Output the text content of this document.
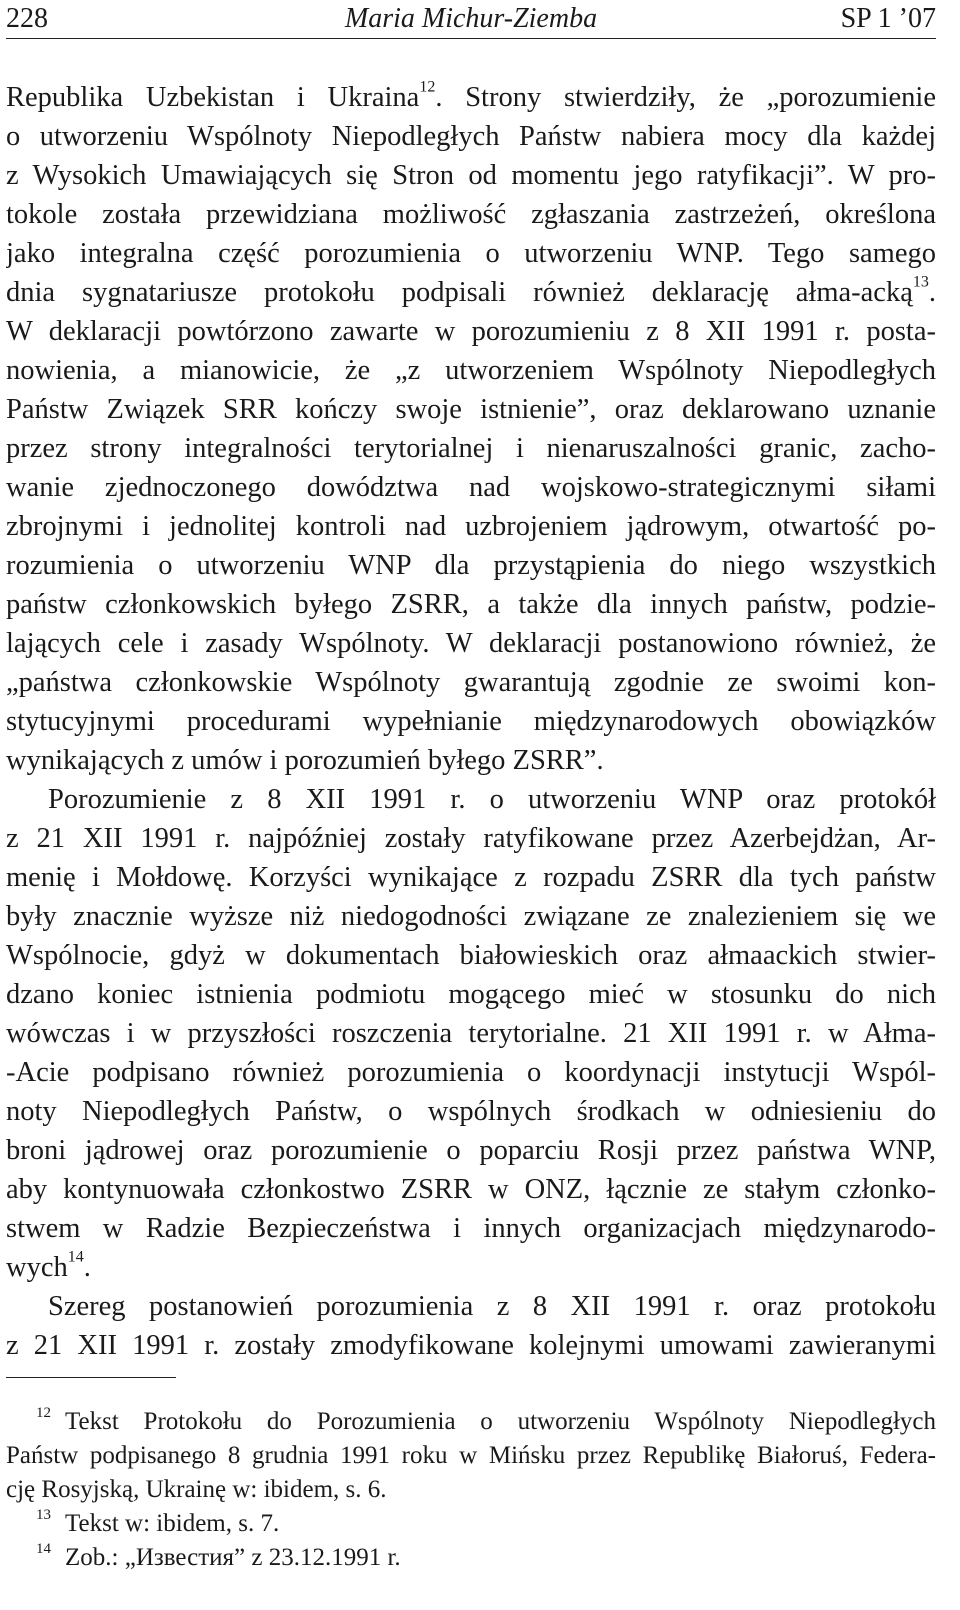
228	Maria Michur-Ziemba	SP 1 ’07
Republika Uzbekistan i Ukraina$^{12}$. Strony stwierdziły, że „porozumienie
o utworzeniu Wspólnoty Niepodległych Państw nabiera mocy dla każdej
z Wysokich Umawiających się Stron od momentu jego ratyfikacji”. W pro-
tokole została przewidziana możliwość zgłaszania zastrzeżeń, określona
jako integralna część porozumienia o utworzeniu WNP. Tego samego
dnia sygnatariusze protokołu podpisali również deklarację ałma-acką$^{13}$.
W deklaracji powtórzono zawarte w porozumieniu z 8 XII 1991 r. posta-
nowienia, a mianowicie, że „z utworzeniem Wspólnoty Niepodległych
Państw Związek SRR kończy swoje istnienie”, oraz deklarowano uznanie
przez strony integralności terytorialnej i nienaruszalności granic, zacho-
wanie zjednoczonego dowództwa nad wojskowo-strategicznymi siłami
zbrojnymi i jednolitej kontroli nad uzbrojeniem jądrowym, otwartość po-
rozumienia o utworzeniu WNP dla przystąpienia do niego wszystkich
państw członkowskich byłego ZSRR, a także dla innych państw, podzie-
lających cele i zasady Wspólnoty. W deklaracji postanowiono również, że
„państwa członkowskie Wspólnoty gwarantują zgodnie ze swoimi kon-
stytucyjnymi procedurami wypełnianie międzynarodowych obowiązków
wynikających z umów i porozumień byłego ZSRR”.
Porozumienie z 8 XII 1991 r. o utworzeniu WNP oraz protokół
z 21 XII 1991 r. najpóźniej zostały ratyfikowane przez Azerbejdżan, Ar-
menię i Mołdowę. Korzyści wynikające z rozpadu ZSRR dla tych państw
były znacznie wyższe niż niedogodności związane ze znalezieniem się we
Wspólnocie, gdyż w dokumentach białowieskich oraz ałmaackich stwier-
dzano koniec istnienia podmiotu mogącego mieć w stosunku do nich
wówczas i w przyszłości roszczenia terytorialne. 21 XII 1991 r. w Ałma-
-Acie podpisano również porozumienia o koordynacji instytucji Wspól-
noty Niepodległych Państw, o wspólnych środkach w odniesieniu do
broni jądrowej oraz porozumienie o poparciu Rosji przez państwa WNP,
aby kontynuowała członkostwo ZSRR w ONZ, łącznie ze stałym członko-
stwem w Radzie Bezpieczeństwa i innych organizacjach międzynarodo-
wych$^{14}$.
Szereg postanowień porozumienia z 8 XII 1991 r. oraz protokołu
z 21 XII 1991 r. zostały zmodyfikowane kolejnymi umowami zawieranymi
$^{12}$ Tekst Protokołu do Porozumienia o utworzeniu Wspólnoty Niepodległych
Państw podpisanego 8 grudnia 1991 roku w Mińsku przez Republikę Białoruś, Federa-
cję Rosyjską, Ukrainę w: ibidem, s. 6.
$^{13}$ Tekst w: ibidem, s. 7.
$^{14}$ Zob.: „Известия” z 23.12.1991 r.
